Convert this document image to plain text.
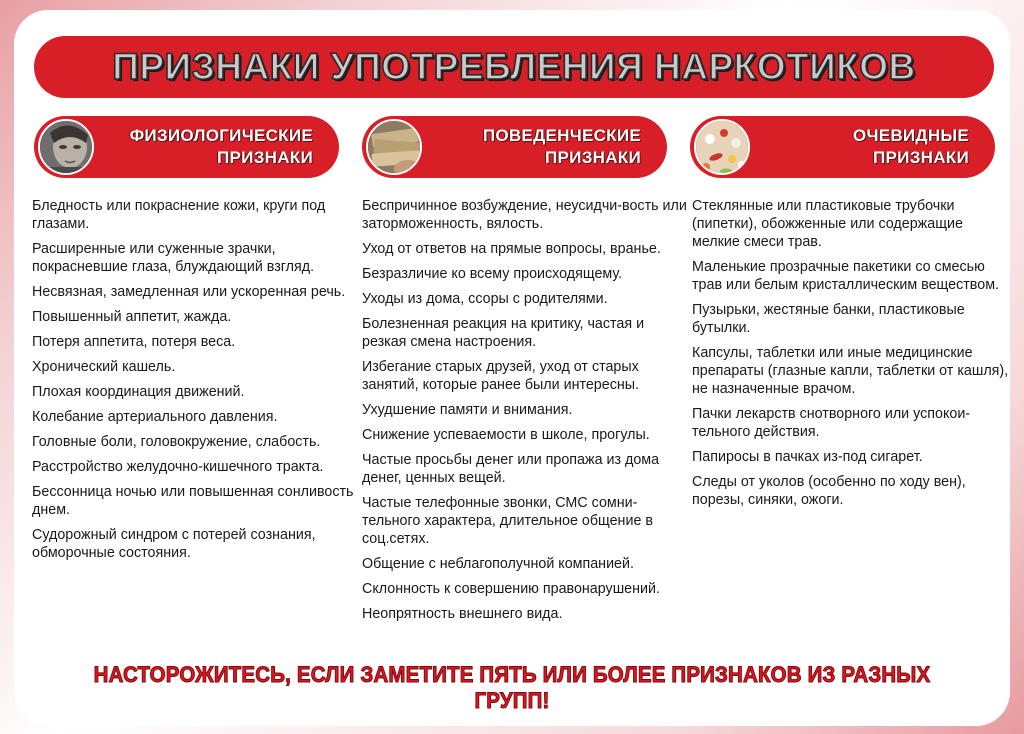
ПРИЗНАКИ УПОТРЕБЛЕНИЯ НАРКОТИКОВ
ФИЗИОЛОГИЧЕСКИЕ
ПРИЗНАКИ
ПОВЕДЕНЧЕСКИЕ
ПРИЗНАКИ
ОЧЕВИДНЫЕ
ПРИЗНАКИ
Бледность или покраснение кожи, круги под глазами.
Расширенные или суженные зрачки, покрасневшие глаза, блуждающий взгляд.
Несвязная, замедленная или ускоренная речь.
Повышенный аппетит, жажда.
Потеря аппетита, потеря веса.
Хронический кашель.
Плохая координация движений.
Колебание артериального давления.
Головные боли, головокружение, слабость.
Расстройство желудочно-кишечного тракта.
Бессонница ночью или повышенная сонливость днем.
Судорожный синдром с потерей сознания, обморочные состояния.
Беспричинное возбуждение, неусидчи-вость или заторможенность, вялость.
Уход от ответов на прямые вопросы, вранье.
Безразличие ко всему происходящему.
Уходы из дома, ссоры с родителями.
Болезненная реакция на критику, частая и резкая смена настроения.
Избегание старых друзей, уход от старых занятий, которые ранее были интересны.
Ухудшение памяти и внимания.
Снижение успеваемости в школе, прогулы.
Частые просьбы денег или пропажа из дома денег, ценных вещей.
Частые телефонные звонки, СМС сомни-тельного характера, длительное общение в соц.сетях.
Общение с неблагополучной компанией.
Склонность к совершению правонарушений.
Неопрятность внешнего вида.
Стеклянные или пластиковые трубочки (пипетки), обожженные или содержащие мелкие смеси трав.
Маленькие прозрачные пакетики со смесью трав или белым кристаллическим веществом.
Пузырьки, жестяные банки, пластиковые бутылки.
Капсулы, таблетки или иные медицинские препараты (глазные капли, таблетки от кашля), не назначенные врачом.
Пачки лекарств снотворного или успокои-тельного действия.
Папиросы в пачках из-под сигарет.
Следы от уколов (особенно по ходу вен), порезы, синяки, ожоги.
НАСТОРОЖИТЕСЬ, ЕСЛИ ЗАМЕТИТЕ ПЯТЬ ИЛИ БОЛЕЕ ПРИЗНАКОВ ИЗ РАЗНЫХ ГРУПП!
